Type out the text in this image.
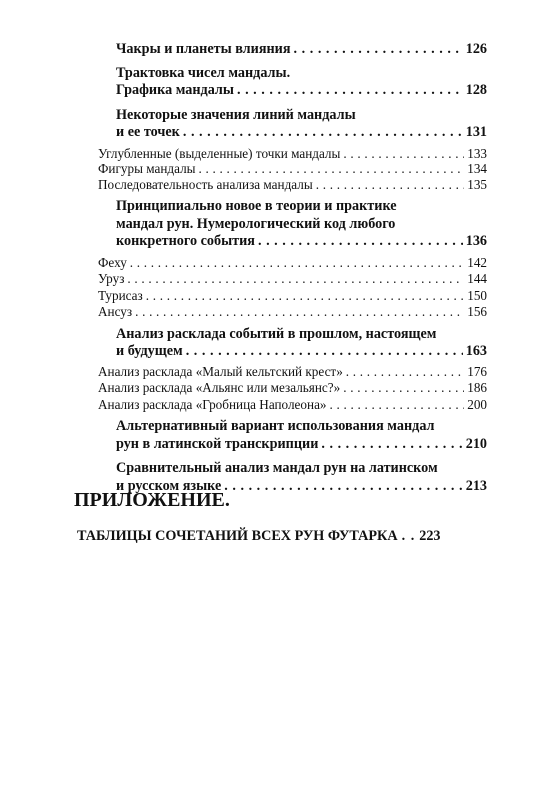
Чакры и планеты влияния . . .	126
Трактовка чисел мандалы.
Графика мандалы . . .	128
Некоторые значения линий мандалы
и ее точек . . .	131
Углубленные (выделенные) точки мандалы . . .	133
Фигуры мандалы . . .	134
Последовательность анализа мандалы . . .	135
Принципиально новое в теории и практике
мандал рун. Нумерологический код любого
конкретного события . . .	136
Феху . . .	142
Уруз . . .	144
Турисаз . . .	150
Ансуз . . .	156
Анализ расклада событий в прошлом, настоящем
и будущем . . .	163
Анализ расклада «Малый кельтский крест» . . .	176
Анализ расклада «Альянс или мезальянс?» . . .	186
Анализ расклада «Гробница Наполеона» . . .	200
Альтернативный вариант использования мандал
рун в латинской транскрипции . . .	210
Сравнительный анализ мандал рун на латинском
и русском языке . . .	213
ПРИЛОЖЕНИЕ.
ТАБЛИЦЫ СОЧЕТАНИЙ ВСЕХ РУН ФУТАРКА . . 223
